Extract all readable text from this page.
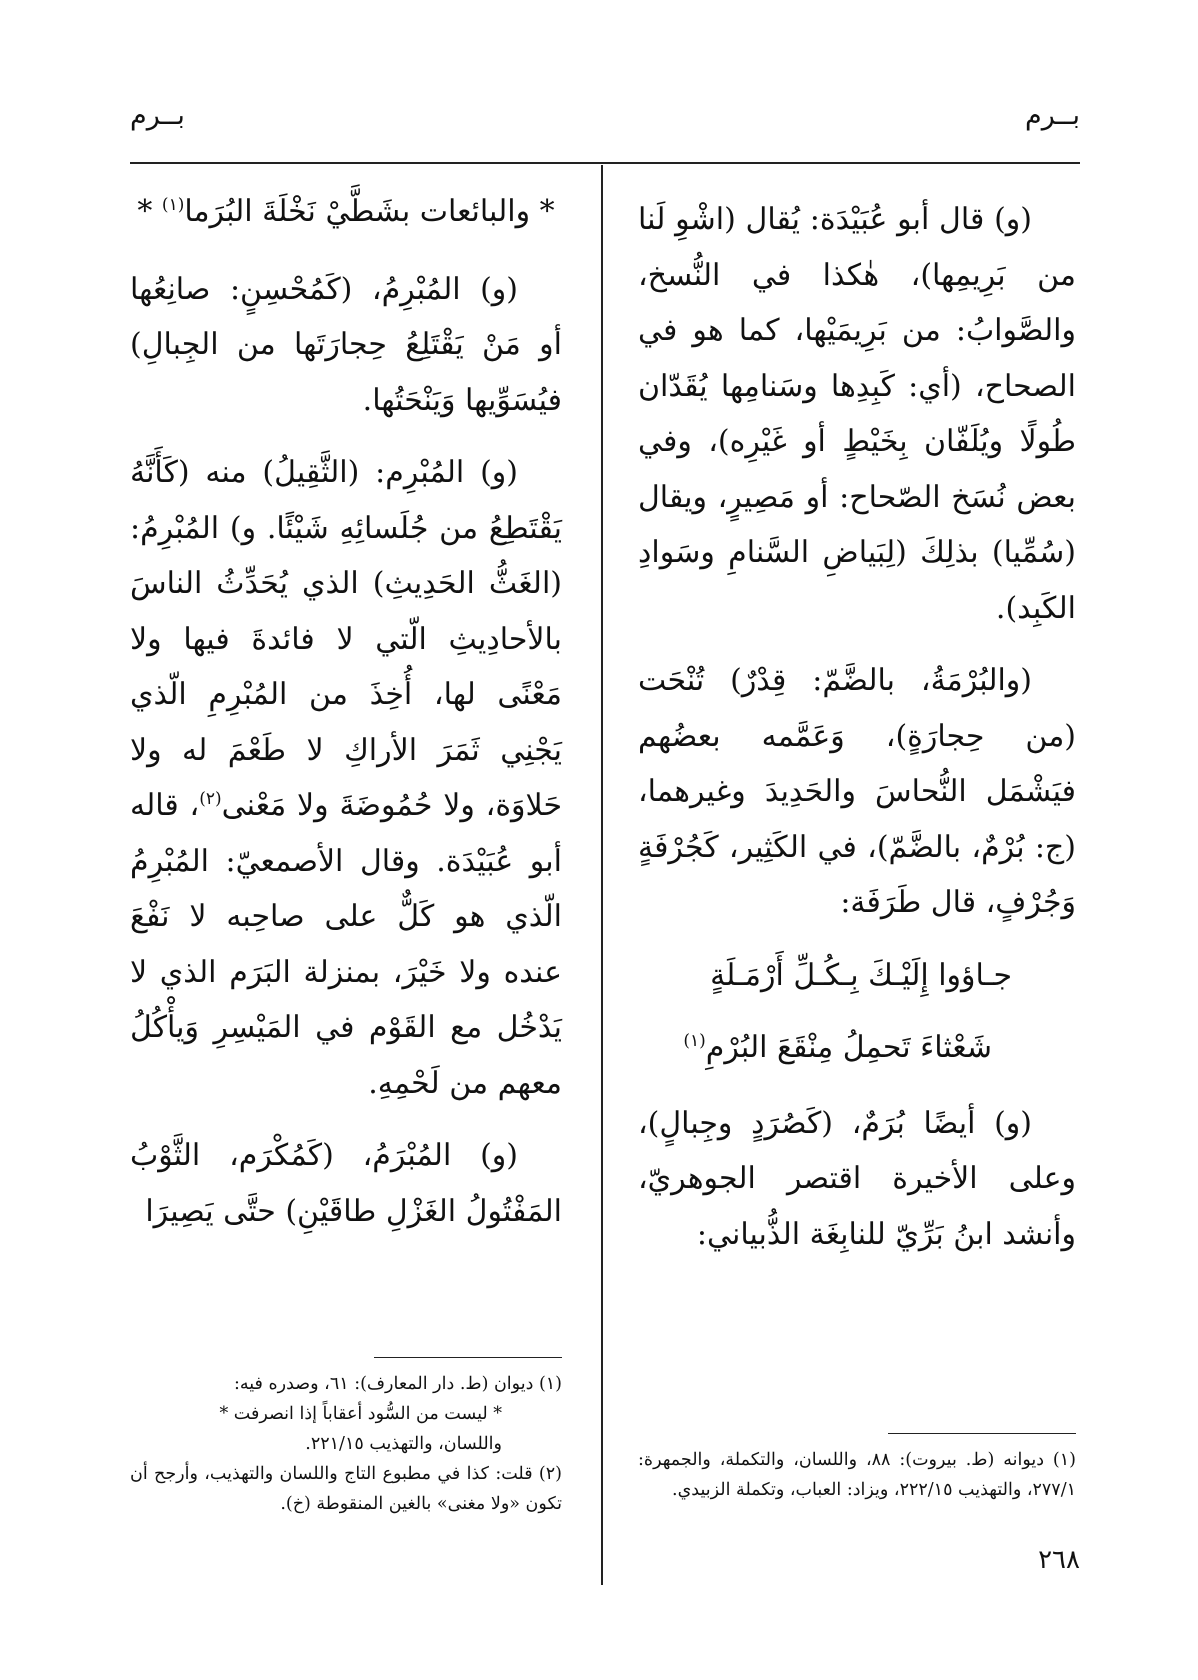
بــرم
بــرم

(و) قال أبو عُبَيْدَة: يُقال (اشْوِ لَنا من بَرِيمِها)، هٰكذا في النُّسخ، والصَّوابُ: من بَرِيمَيْها، كما هو في الصحاح، (أي: كَبِدِها وسَنامِها يُقَدّان طُولًا ويُلَفّان بِخَيْطٍ أو غَيْرِه)، وفي بعض نُسَخ الصّحاح: أو مَصِيرٍ، ويقال (سُمِّيا) بذلِكَ (لِبَياضِ السَّنامِ وسَوادِ الكَبِد).

(والبُرْمَةُ، بالضَّمّ: قِدْرٌ) تُنْحَت (من حِجارَةٍ)، وَعَمَّمه بعضُهم فيَشْمَل النُّحاسَ والحَدِيدَ وغيرهما، (ج: بُرْمٌ، بالضَّمّ)، في الكَثِير، كَجُرْفَةٍ وَجُرْفٍ، قال طَرَفَة:

جـاؤوا إِلَيْـكَ بِـكُـلِّ أَرْمَـلَةٍ

شَعْثاءَ تَحمِلُ مِنْقَعَ البُرْمِ$^{(١)}$

(و) أيضًا بُرَمٌ، (كَصُرَدٍ وجِبالٍ)، وعلى الأخيرة اقتصر الجوهريّ، وأنشد ابنُ بَرِّيّ للنابِغَة الذُّبياني:

* والبائعات بشَطَّيْ نَخْلَةَ البُرَما$^{(١)}$ *

(و) المُبْرِمُ، (كَمُحْسِنٍ: صانِعُها أو مَنْ يَقْتَلِعُ حِجارَتَها من الجِبالِ) فيُسَوِّيها وَيَنْحَتُها.

(و) المُبْرِم: (الثَّقِيلُ) منه (كَأَنَّهُ يَقْتَطِعُ من جُلَسائِهِ شَيْئًا. و) المُبْرِمُ: (الغَثُّ الحَدِيثِ) الذي يُحَدِّثُ الناسَ بالأحادِيثِ الّتي لا فائدةَ فيها ولا مَعْنًى لها، أُخِذَ من المُبْرِمِ الّذي يَجْنِي ثَمَرَ الأراكِ لا طَعْمَ له ولا حَلاوَة، ولا حُمُوضَةَ ولا مَعْنى$^{(٢)}$، قاله أبو عُبَيْدَة. وقال الأصمعيّ: المُبْرِمُ الّذي هو كَلٌّ على صاحِبه لا نَفْعَ عنده ولا خَيْرَ، بمنزلة البَرَم الذي لا يَدْخُل مع القَوْم في المَيْسِرِ وَيأْكُلُ معهم من لَحْمِهِ.

(و) المُبْرَمُ، (كَمُكْرَم، الثَّوْبُ المَفْتُولُ الغَزْلِ طاقَيْنِ) حتَّى يَصِيرَا

(١) ديوانه (ط. بيروت): ٨٨، واللسان، والتكملة، والجمهرة: ٢٧٧/١، والتهذيب ٢٢٢/١٥، ويزاد: العباب، وتكملة الزبيدي.

(١) ديوان (ط. دار المعارف): ٦١، وصدره فيه:

* ليست من السُّود أعقاباً إذا انصرفت *

واللسان، والتهذيب ٢٢١/١٥.

(٢) قلت: كذا في مطبوع التاج واللسان والتهذيب، وأرجح أن تكون «ولا مغنى» بالغين المنقوطة (خ).

٢٦٨
